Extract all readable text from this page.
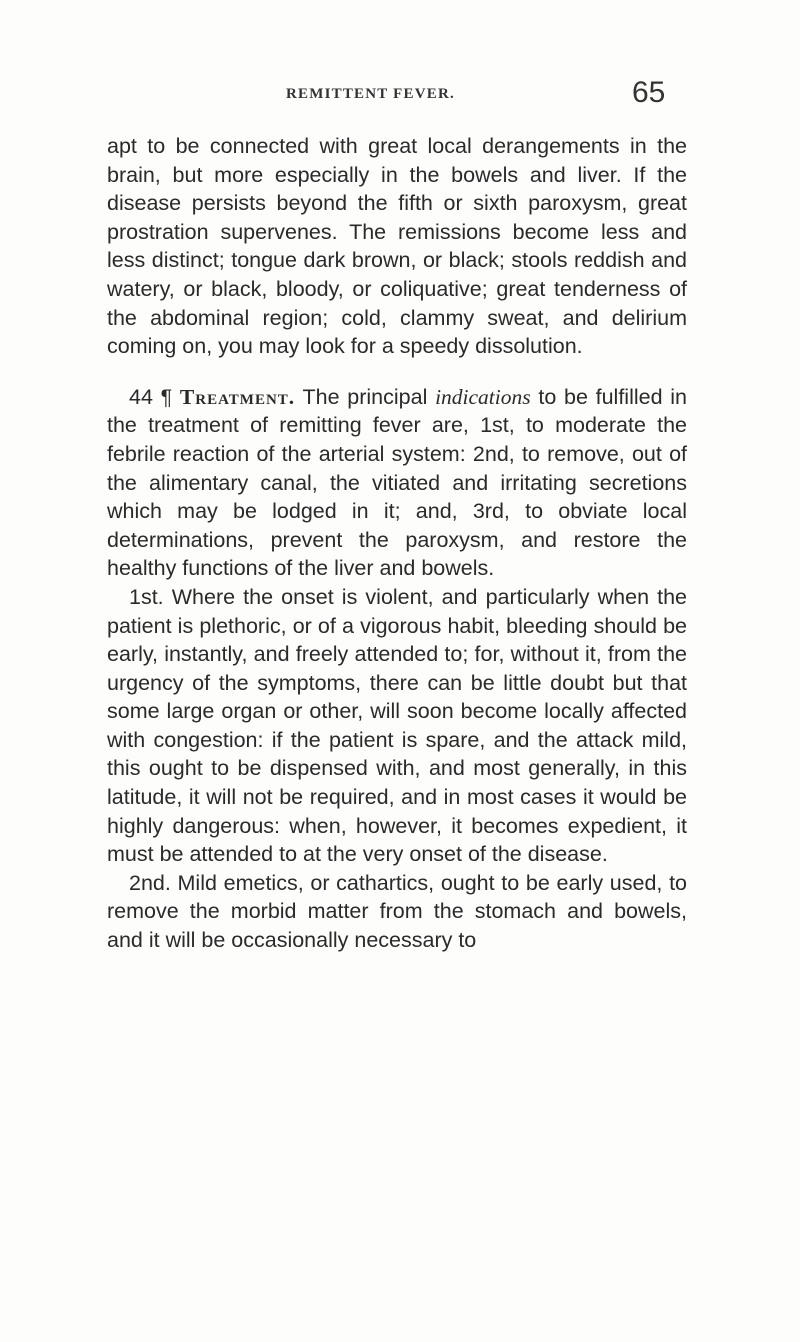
REMITTENT FEVER.	65

apt to be connected with great local derangements in the brain, but more especially in the bowels and liver. If the disease persists beyond the fifth or sixth paroxysm, great prostration supervenes. The remissions become less and less distinct; tongue dark brown, or black; stools reddish and watery, or black, bloody, or coliquative; great tenderness of the abdominal region; cold, clammy sweat, and delirium coming on, you may look for a speedy dissolution.

44 ¶ Treatment. The principal indications to be fulfilled in the treatment of remitting fever are, 1st, to moderate the febrile reaction of the arterial system: 2nd, to remove, out of the alimentary canal, the vitiated and irritating secretions which may be lodged in it; and, 3rd, to obviate local determinations, prevent the paroxysm, and restore the healthy functions of the liver and bowels.

1st. Where the onset is violent, and particularly when the patient is plethoric, or of a vigorous habit, bleeding should be early, instantly, and freely attended to; for, without it, from the urgency of the symptoms, there can be little doubt but that some large organ or other, will soon become locally affected with congestion: if the patient is spare, and the attack mild, this ought to be dispensed with, and most generally, in this latitude, it will not be required, and in most cases it would be highly dangerous: when, however, it becomes expedient, it must be attended to at the very onset of the disease.

2nd. Mild emetics, or cathartics, ought to be early used, to remove the morbid matter from the stomach and bowels, and it will be occasionally necessary to
